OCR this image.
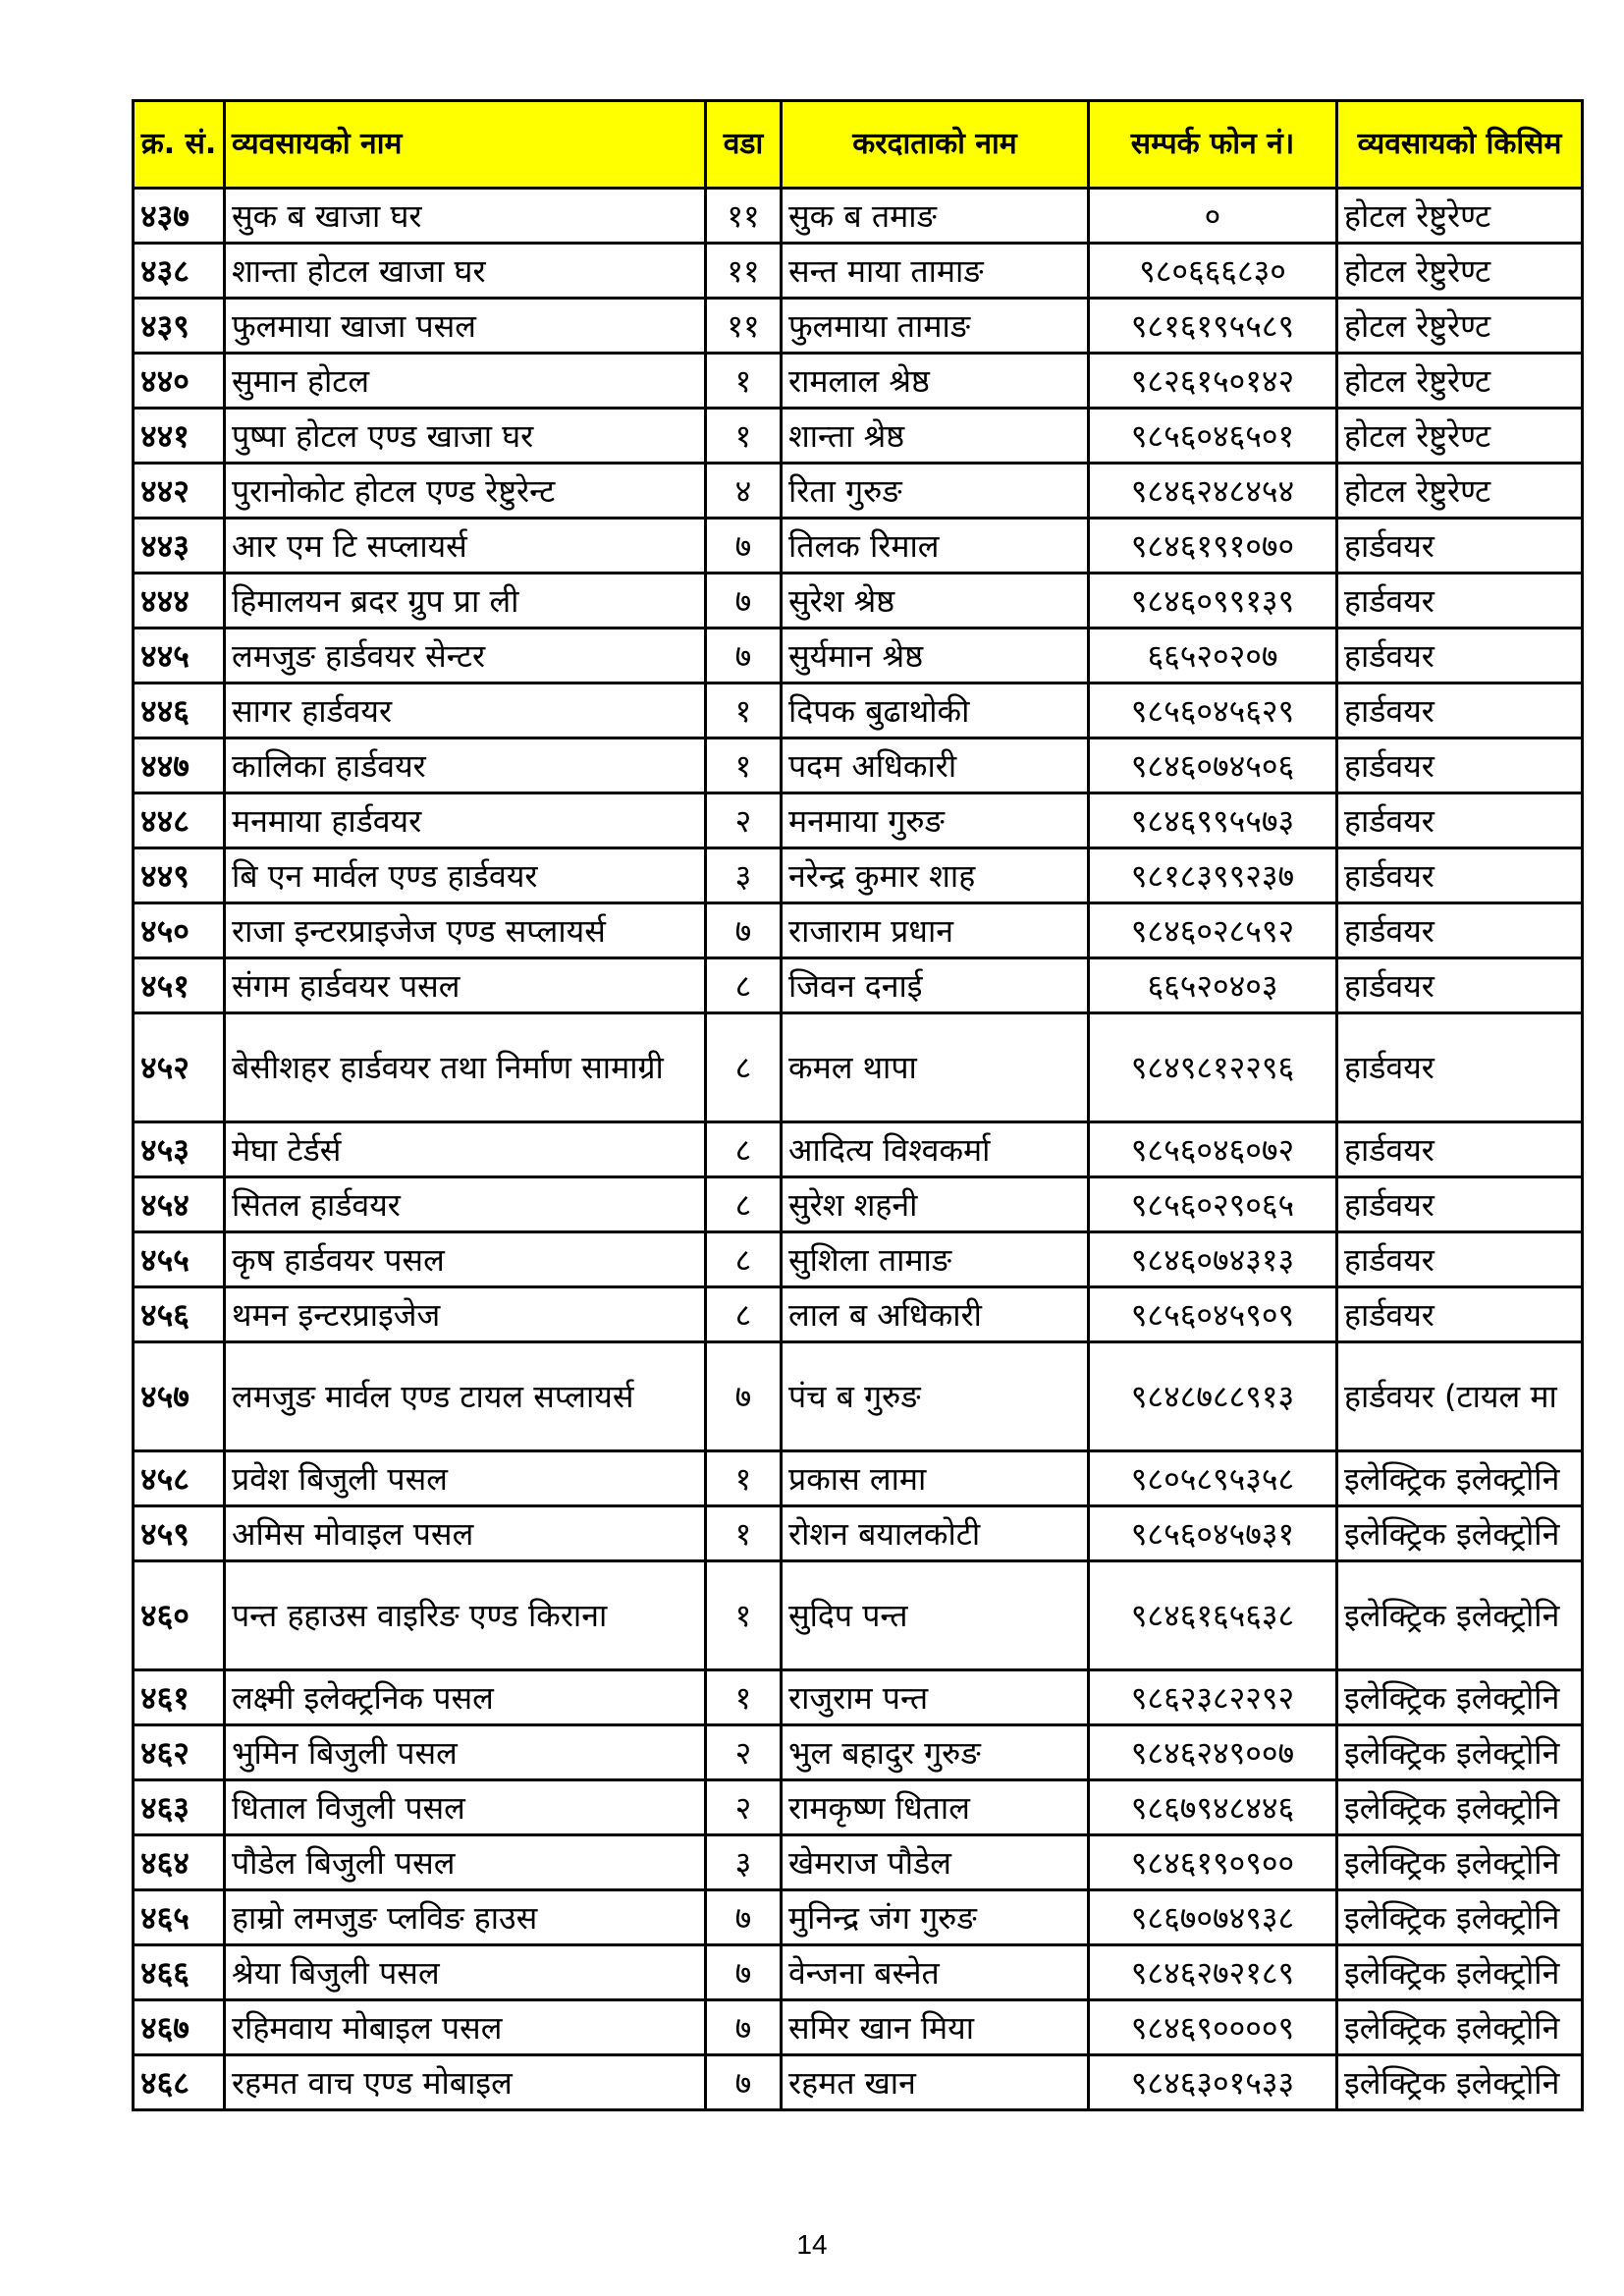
क्र. सं.	व्यवसायको नाम	वडा	करदाताको नाम	सम्पर्क फोन नं।	व्यवसायको किसिम
४३७	सुक ब खाजा घर	११	सुक ब तमाङ	०	होटल रेष्टुरेण्ट
४३८	शान्ता होटल खाजा घर	११	सन्त माया तामाङ	९८०६६६८३०	होटल रेष्टुरेण्ट
४३९	फुलमाया खाजा पसल	११	फुलमाया तामाङ	९८१६१९५५८९	होटल रेष्टुरेण्ट
४४०	सुमान होटल	१	रामलाल श्रेष्ठ	९८२६१५०१४२	होटल रेष्टुरेण्ट
४४१	पुष्पा होटल एण्ड खाजा घर	१	शान्ता श्रेष्ठ	९८५६०४६५०१	होटल रेष्टुरेण्ट
४४२	पुरानोकोट होटल एण्ड रेष्टुरेन्ट	४	रिता गुरुङ	९८४६२४८४५४	होटल रेष्टुरेण्ट
४४३	आर एम टि सप्लायर्स	७	तिलक रिमाल	९८४६१९१०७०	हार्डवयर
४४४	हिमालयन ब्रदर ग्रुप प्रा ली	७	सुरेश श्रेष्ठ	९८४६०९९१३९	हार्डवयर
४४५	लमजुङ हार्डवयर सेन्टर	७	सुर्यमान श्रेष्ठ	६६५२०२०७	हार्डवयर
४४६	सागर हार्डवयर	१	दिपक बुढाथोकी	९८५६०४५६२९	हार्डवयर
४४७	कालिका हार्डवयर	१	पदम अधिकारी	९८४६०७४५०६	हार्डवयर
४४८	मनमाया हार्डवयर	२	मनमाया गुरुङ	९८४६९९५५७३	हार्डवयर
४४९	बि एन मार्वल एण्ड हार्डवयर	३	नरेन्द्र कुमार शाह	९८१८३९९२३७	हार्डवयर
४५०	राजा इन्टरप्राइजेज एण्ड सप्लायर्स	७	राजाराम प्रधान	९८४६०२८५९२	हार्डवयर
४५१	संगम हार्डवयर पसल	८	जिवन दनाई	६६५२०४०३	हार्डवयर
४५२	बेसीशहर हार्डवयर तथा निर्माण सामाग्री	८	कमल थापा	९८४९८१२२९६	हार्डवयर
४५३	मेघा टेर्डर्स	८	आदित्य विश्वकर्मा	९८५६०४६०७२	हार्डवयर
४५४	सितल हार्डवयर	८	सुरेश शहनी	९८५६०२९०६५	हार्डवयर
४५५	कृष हार्डवयर पसल	८	सुशिला तामाङ	९८४६०७४३१३	हार्डवयर
४५६	थमन इन्टरप्राइजेज	८	लाल ब अधिकारी	९८५६०४५९०९	हार्डवयर
४५७	लमजुङ मार्वल एण्ड टायल सप्लायर्स	७	पंच ब गुरुङ	९८४८७८८९१३	हार्डवयर (टायल मा
४५८	प्रवेश बिजुली पसल	१	प्रकास लामा	९८०५८९५३५८	इलेक्ट्रिक इलेक्ट्रोनि
४५९	अमिस मोवाइल पसल	१	रोशन बयालकोटी	९८५६०४५७३१	इलेक्ट्रिक इलेक्ट्रोनि
४६०	पन्त हहाउस वाइरिङ एण्ड किराना	१	सुदिप पन्त	९८४६१६५६३८	इलेक्ट्रिक इलेक्ट्रोनि
४६१	लक्ष्मी इलेक्ट्रनिक पसल	१	राजुराम पन्त	९८६२३८२२९२	इलेक्ट्रिक इलेक्ट्रोनि
४६२	भुमिन बिजुली पसल	२	भुल बहादुर गुरुङ	९८४६२४९००७	इलेक्ट्रिक इलेक्ट्रोनि
४६३	धिताल विजुली पसल	२	रामकृष्ण धिताल	९८६७९४८४४६	इलेक्ट्रिक इलेक्ट्रोनि
४६४	पौडेल बिजुली पसल	३	खेमराज पौडेल	९८४६१९०९००	इलेक्ट्रिक इलेक्ट्रोनि
४६५	हाम्रो लमजुङ प्लविङ हाउस	७	मुनिन्द्र जंग गुरुङ	९८६७०७४९३८	इलेक्ट्रिक इलेक्ट्रोनि
४६६	श्रेया बिजुली पसल	७	वेन्जना बस्नेत	९८४६२७२१८९	इलेक्ट्रिक इलेक्ट्रोनि
४६७	रहिमवाय मोबाइल पसल	७	समिर खान मिया	९८४६९००००९	इलेक्ट्रिक इलेक्ट्रोनि
४६८	रहमत वाच एण्ड मोबाइल	७	रहमत खान	९८४६३०१५३३	इलेक्ट्रिक इलेक्ट्रोनि
14
